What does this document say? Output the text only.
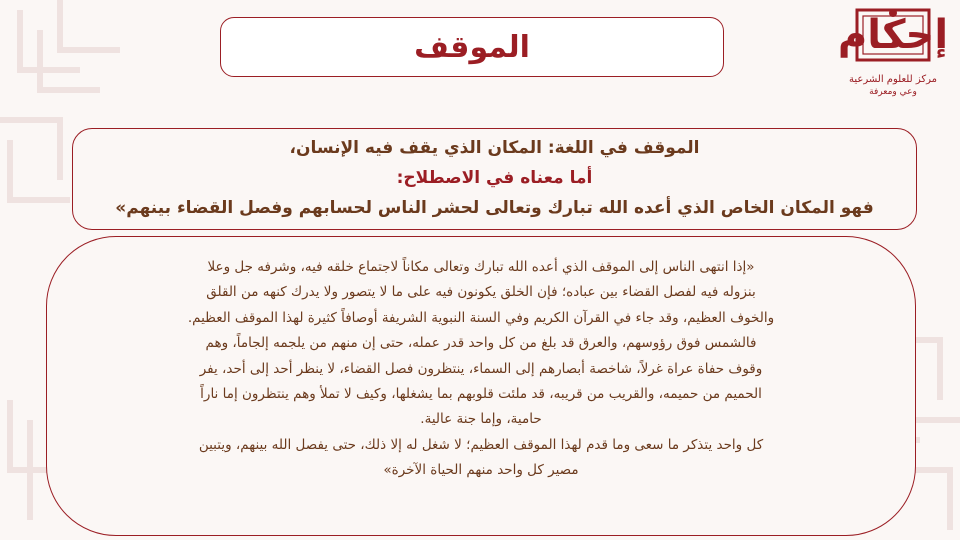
إحكام
مركز للعلوم الشرعية
وعي ومعرفة
الموقف
الموقف في اللغة: المكان الذي يقف فيه الإنسان،
أما معناه في الاصطلاح:
فهو المكان الخاص الذي أعده الله تبارك وتعالى لحشر الناس لحسابهم وفصل القضاء بينهم»
«إذا انتهى الناس إلى الموقف الذي أعده الله تبارك وتعالى مكاناً لاجتماع خلقه فيه، وشرفه جل وعلا
بنزوله فيه لفصل القضاء بين عباده؛ فإن الخلق يكونون فيه على ما لا يتصور ولا يدرك كنهه من القلق
والخوف العظيم، وقد جاء في القرآن الكريم وفي السنة النبوية الشريفة أوصافاً كثيرة لهذا الموقف العظيم.
فالشمس فوق رؤوسهم، والعرق قد بلغ من كل واحد قدر عمله، حتى إن منهم من يلجمه إلجاماً، وهم
وقوف حفاة عراة غرلاً، شاخصة أبصارهم إلى السماء، ينتظرون فصل القضاء، لا ينظر أحد إلى أحد، يفر
الحميم من حميمه، والقريب من قريبه، قد ملئت قلوبهم بما يشغلها، وكيف لا تملأ وهم ينتظرون إما ناراً
حامية، وإما جنة عالية.
كل واحد يتذكر ما سعى وما قدم لهذا الموقف العظيم؛ لا شغل له إلا ذلك، حتى يفصل الله بينهم، ويتبين
مصير كل واحد منهم الحياة الآخرة»
